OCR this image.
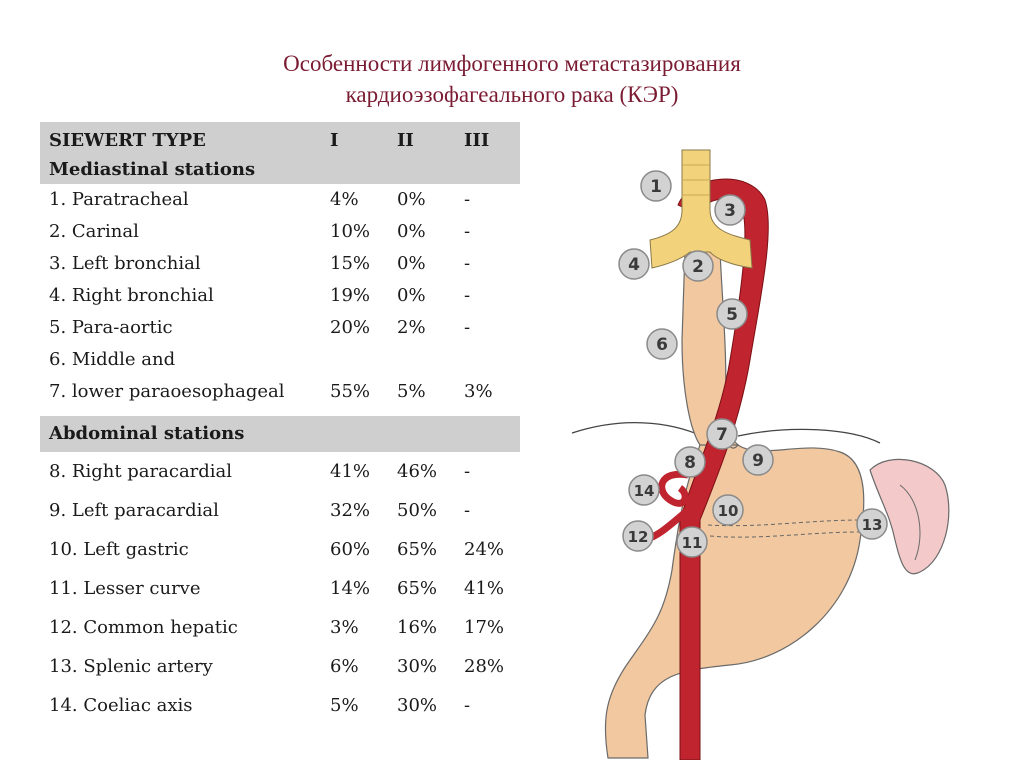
Особенности лимфогенного метастазирования
кардиоэзофагеального рака (КЭР)
SIEWERT TYPE	I	II	III
Mediastinal stations
1. Paratracheal	4% 0% -
2. Carinal	10% 0% -
3. Left bronchial	15% 0% -
4. Right bronchial	19% 0% -
5. Para-aortic	20% 2% -
6. Middle and
7. lower paraoesophageal	55% 5% 3%
Abdominal stations
8. Right paracardial	41% 46% -
9. Left paracardial	32% 50% -
10. Left gastric	60% 65% 24%
11. Lesser curve	14% 65% 41%
12. Common hepatic	3% 16% 17%
13. Splenic artery	6% 30% 28%
14. Coeliac axis	5% 30% -
1
3
4	2
5
6
7
8	9
14
10
13
12 11
